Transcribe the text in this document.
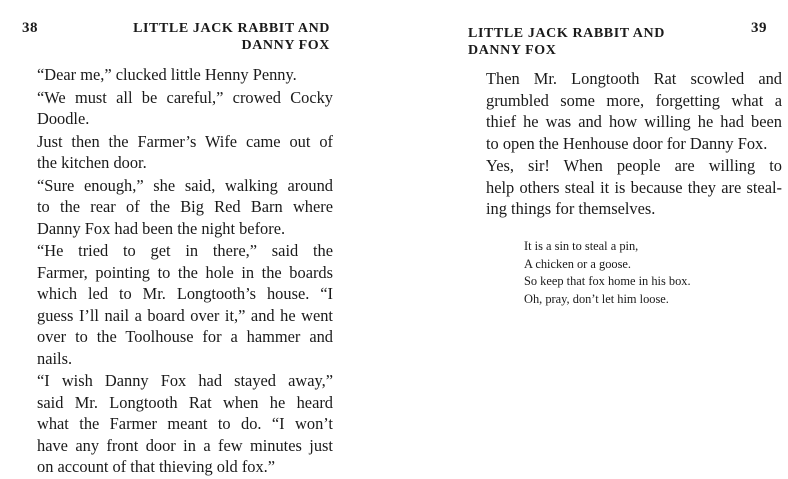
38	LITTLE JACK RABBIT AND
DANNY FOX

“Dear me,” clucked little Henny Penny.

“We must all be careful,” crowed Cocky
Doodle.

Just then the Farmer’s Wife came out of
the kitchen door.

“Sure enough,” she said, walking around
to the rear of the Big Red Barn where
Danny Fox had been the night before.

“He tried to get in there,” said the
Farmer, pointing to the hole in the boards
which led to Mr. Longtooth’s house. “I
guess I’ll nail a board over it,” and he went
over to the Toolhouse for a hammer and
nails.

“I wish Danny Fox had stayed away,”
said Mr. Longtooth Rat when he heard
what the Farmer meant to do. “I won’t
have any front door in a few minutes just
on account of that thieving old fox.”

39
LITTLE JACK RABBIT AND
DANNY FOX

Then Mr. Longtooth Rat scowled and
grumbled some more, forgetting what a
thief he was and how willing he had been
to open the Henhouse door for Danny Fox.

Yes, sir! When people are willing to
help others steal it is because they are steal-
ing things for themselves.

It is a sin to steal a pin,
A chicken or a goose.
So keep that fox home in his box.
Oh, pray, don’t let him loose.
